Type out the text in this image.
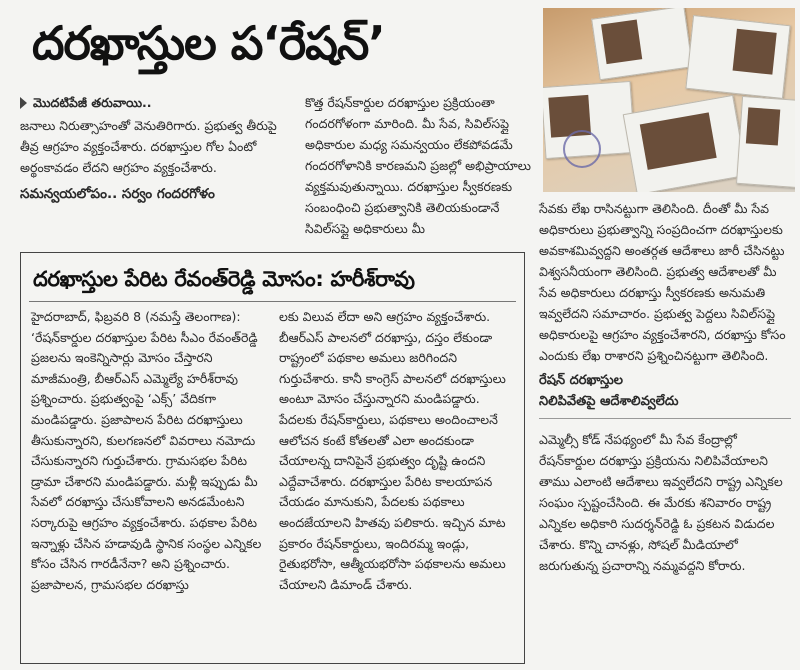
దరఖాస్తుల ప‘రేషన్’
మొదటిపేజీ తరువాయి..

జనాలు నిరుత్సాహంతో వెనుతిరిగారు. ప్రభుత్వ తీరుపై తీవ్ర ఆగ్రహం వ్యక్తంచేశారు. దరఖాస్తుల గోల ఏంటో అర్థంకావడం లేదని ఆగ్రహం వ్యక్తంచేశారు.

సమన్వయలోపం.. సర్వం గందరగోళం

కొత్త రేషన్‌కార్డుల దరఖాస్తుల ప్రక్రియంతా గందరగోళంగా మారింది. మీ సేవ, సివిల్‌సప్లై అధికారుల మధ్య సమన్వయం లేకపోవడమే గందరగోళానికి కారణమని ప్రజల్లో అభిప్రాయాలు వ్యక్తమవుతున్నాయి. దరఖాస్తుల స్వీకరణకు సంబంధించి ప్రభుత్వానికి తెలియకుండానే సివిల్‌సప్లై అధికారులు మీ

సేవకు లేఖ రాసినట్టుగా తెలిసింది. దీంతో మీ సేవ అధికారులు ప్రభుత్వాన్ని సంప్రదించగా దరఖాస్తులకు అవకాశమివ్వద్దని అంతర్గత ఆదేశాలు జారీ చేసినట్టు విశ్వసనీయంగా తెలిసింది. ప్రభుత్వ ఆదేశాలతో మీ సేవ అధికారులు దరఖాస్తు స్వీకరణకు అనుమతి ఇవ్వలేదని సమాచారం. ప్రభుత్వ పెద్దలు సివిల్‌సప్లై అధికారులపై ఆగ్రహం వ్యక్తంచేశారని, దరఖాస్తు కోసం ఎందుకు లేఖ రాశారని ప్రశ్నించినట్టుగా తెలిసింది.

రేషన్ దరఖాస్తుల
నిలిపివేతపై ఆదేశాలివ్వలేదు

ఎమ్మెల్సీ కోడ్ నేపథ్యంలో మీ సేవ కేంద్రాల్లో రేషన్‌కార్డుల దరఖాస్తు ప్రక్రియను నిలిపివేయాలని తాము ఎలాంటి ఆదేశాలు ఇవ్వలేదని రాష్ట్ర ఎన్నికల సంఘం స్పష్టంచేసింది. ఈ మేరకు శనివారం రాష్ట్ర ఎన్నికల అధికారి సుదర్శన్‌రెడ్డి ఓ ప్రకటన విడుదల చేశారు. కొన్ని చానళ్లు, సోషల్ మీడియాలో జరుగుతున్న ప్రచారాన్ని నమ్మవద్దని కోరారు.

దరఖాస్తుల పేరిట రేవంత్‌రెడ్డి మోసం: హరీశ్‌రావు

హైదరాబాద్, ఫిబ్రవరి 8 (నమస్తే తెలంగాణ): ‘రేషన్‌కార్డుల దరఖాస్తుల పేరిట సీఎం రేవంత్‌రెడ్డి ప్రజలను ఇంకెన్నిసార్లు మోసం చేస్తారని మాజీమంత్రి, బీఆర్‌ఎస్ ఎమ్మెల్యే హరీశ్‌రావు ప్రశ్నించారు. ప్రభుత్వంపై ‘ఎక్స్’ వేదికగా మండిపడ్డారు. ప్రజాపాలన పేరిట దరఖాస్తులు తీసుకున్నారని, కులగణనలో వివరాలు నమోదు చేసుకున్నారని గుర్తుచేశారు. గ్రామసభల పేరిట డ్రామా చేశారని మండిపడ్డారు. మళ్లీ ఇప్పుడు మీ సేవలో దరఖాస్తు చేసుకోవాలని అనడమేంటని సర్కారుపై ఆగ్రహం వ్యక్తంచేశారు. పథకాల పేరిట ఇన్నాళ్లు చేసిన హడావుడి స్థానిక సంస్థల ఎన్నికల కోసం చేసిన గారడీనేనా? అని ప్రశ్నించారు. ప్రజాపాలన, గ్రామసభల దరఖాస్తు

లకు విలువ లేదా అని ఆగ్రహం వ్యక్తంచేశారు. బీఆర్‌ఎస్ పాలనలో దరఖాస్తు, దస్తం లేకుండా రాష్ట్రంలో పథకాల అమలు జరిగిందని గుర్తుచేశారు. కానీ కాంగ్రెస్ పాలనలో దరఖాస్తులు అంటూ మోసం చేస్తున్నారని మండిపడ్డారు. పేదలకు రేషన్‌కార్డులు, పథకాలు అందించాలనే ఆలోచన కంటే కోతలతో ఎలా అందకుండా చేయాలన్న దానిపైనే ప్రభుత్వం దృష్టి ఉందని ఎద్దేవాచేశారు. దరఖాస్తుల పేరిట కాలయాపన చేయడం మానుకుని, పేదలకు పథకాలు అందజేయాలని హితవు పలికారు. ఇచ్చిన మాట ప్రకారం రేషన్‌కార్డులు, ఇందిరమ్మ ఇండ్లు, రైతుభరోసా, ఆత్మీయభరోసా పథకాలను అమలు చేయాలని డిమాండ్ చేశారు.
